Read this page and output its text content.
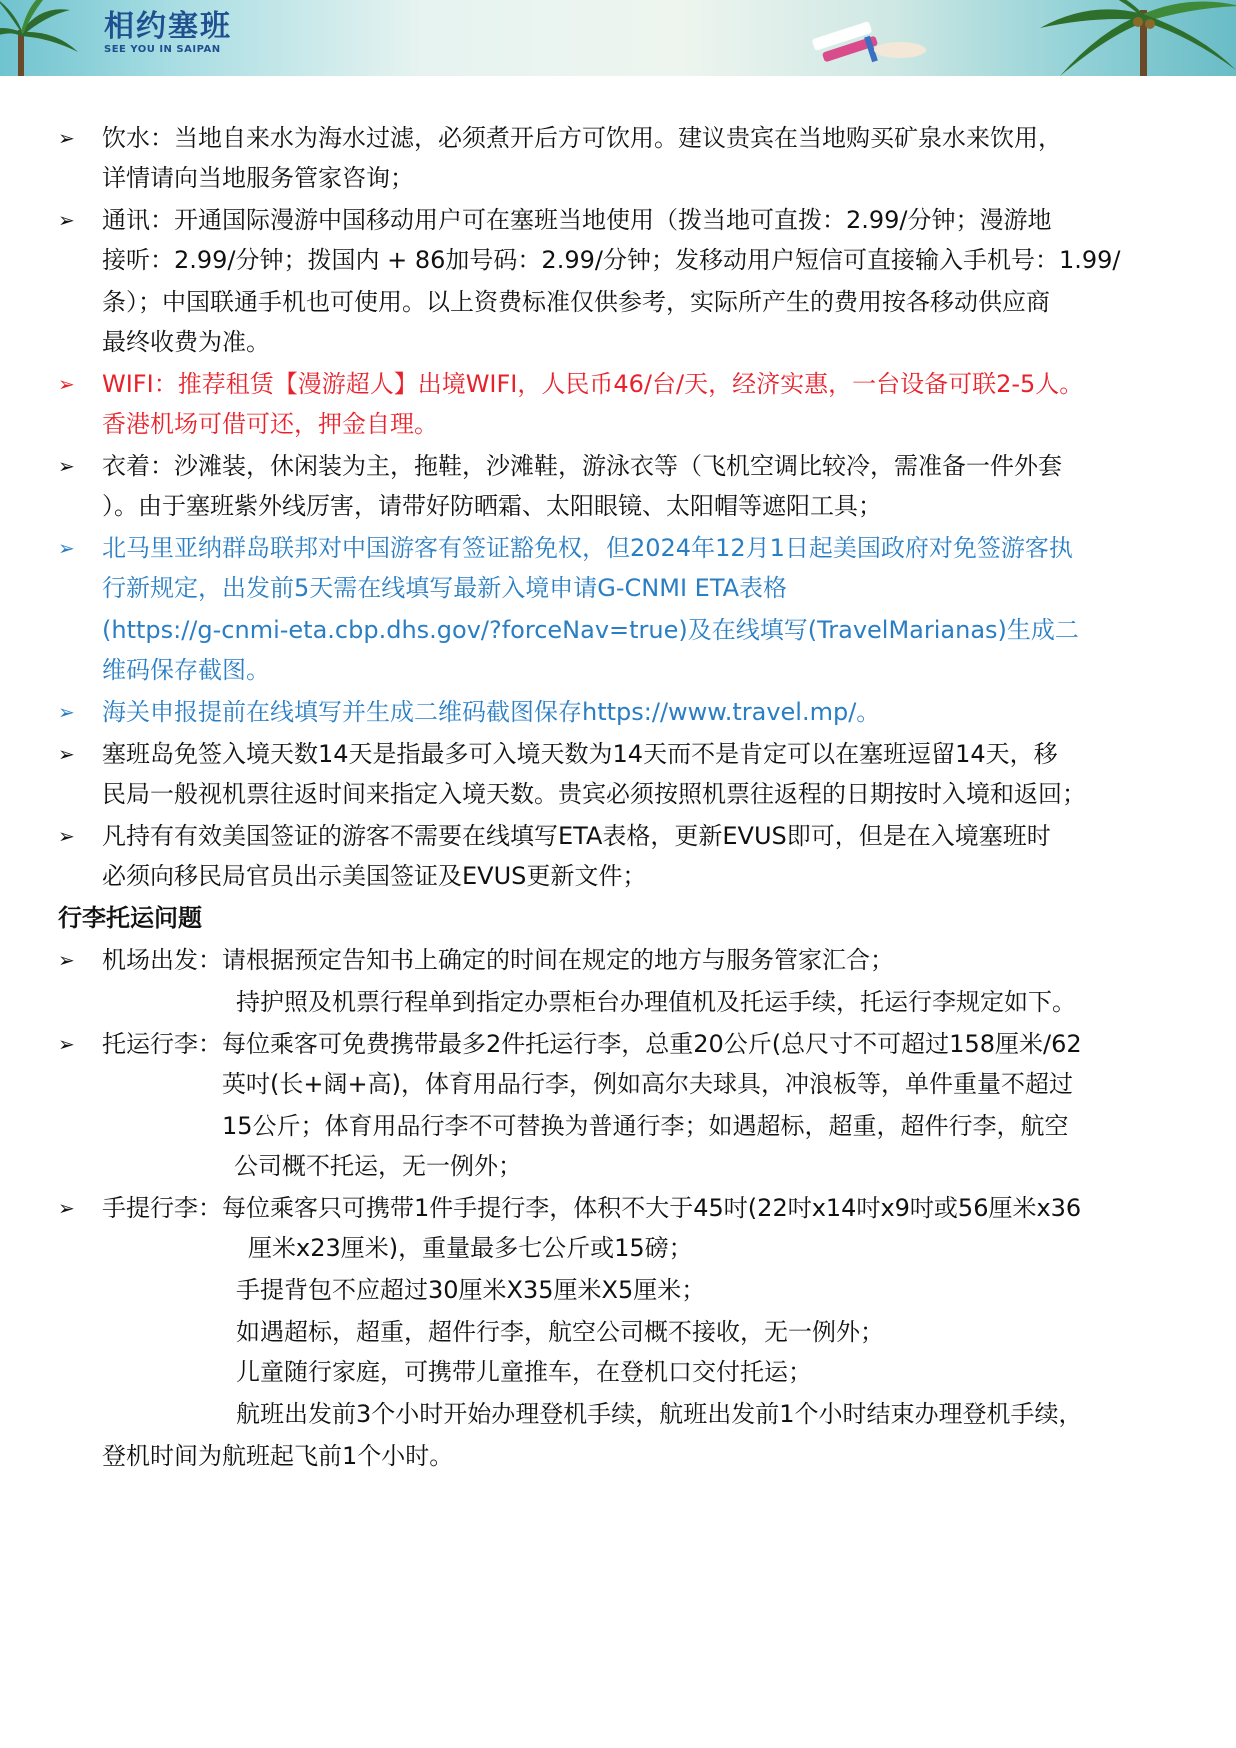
相约塞班
SEE YOU IN SAIPAN
➢ 饮水：当地自来水为海水过滤，必须煮开后方可饮用。建议贵宾在当地购买矿泉水来饮用，
详情请向当地服务管家咨询；
➢ 通讯：开通国际漫游中国移动用户可在塞班当地使用（拨当地可直拨：2.99/分钟；漫游地
接听：2.99/分钟；拨国内 + 86加号码：2.99/分钟；发移动用户短信可直接输入手机号：1.99/
条）；中国联通手机也可使用。以上资费标准仅供参考，实际所产生的费用按各移动供应商
最终收费为准。
➢ WIFI：推荐租赁【漫游超人】出境WIFI，人民币46/台/天，经济实惠，一台设备可联2-5人。
香港机场可借可还，押金自理。
➢ 衣着：沙滩装，休闲装为主，拖鞋，沙滩鞋，游泳衣等（飞机空调比较冷，需准备一件外套
）。由于塞班紫外线厉害，请带好防晒霜、太阳眼镜、太阳帽等遮阳工具；
➢ 北马里亚纳群岛联邦对中国游客有签证豁免权，但2024年12月1日起美国政府对免签游客执
行新规定，出发前5天需在线填写最新入境申请G-CNMI ETA表格
(https://g-cnmi-eta.cbp.dhs.gov/?forceNav=true)及在线填写(TravelMarianas)生成二
维码保存截图。
➢ 海关申报提前在线填写并生成二维码截图保存https://www.travel.mp/。
➢ 塞班岛免签入境天数14天是指最多可入境天数为14天而不是肯定可以在塞班逗留14天，移
民局一般视机票往返时间来指定入境天数。贵宾必须按照机票往返程的日期按时入境和返回；
➢ 凡持有有效美国签证的游客不需要在线填写ETA表格，更新EVUS即可，但是在入境塞班时
必须向移民局官员出示美国签证及EVUS更新文件；
行李托运问题
➢ 机场出发：请根据预定告知书上确定的时间在规定的地方与服务管家汇合；
持护照及机票行程单到指定办票柜台办理值机及托运手续，托运行李规定如下。
➢ 托运行李：每位乘客可免费携带最多2件托运行李，总重20公斤(总尺寸不可超过158厘米/62
英吋(长+阔+高)，体育用品行李，例如高尔夫球具，冲浪板等，单件重量不超过
15公斤；体育用品行李不可替换为普通行李；如遇超标，超重，超件行李，航空
公司概不托运，无一例外；
➢ 手提行李：每位乘客只可携带1件手提行李，体积不大于45吋(22吋x14吋x9吋或56厘米x36
厘米x23厘米)，重量最多七公斤或15磅；
手提背包不应超过30厘米X35厘米X5厘米；
如遇超标，超重，超件行李，航空公司概不接收，无一例外；
儿童随行家庭，可携带儿童推车，在登机口交付托运；
航班出发前3个小时开始办理登机手续，航班出发前1个小时结束办理登机手续，
登机时间为航班起飞前1个小时。
